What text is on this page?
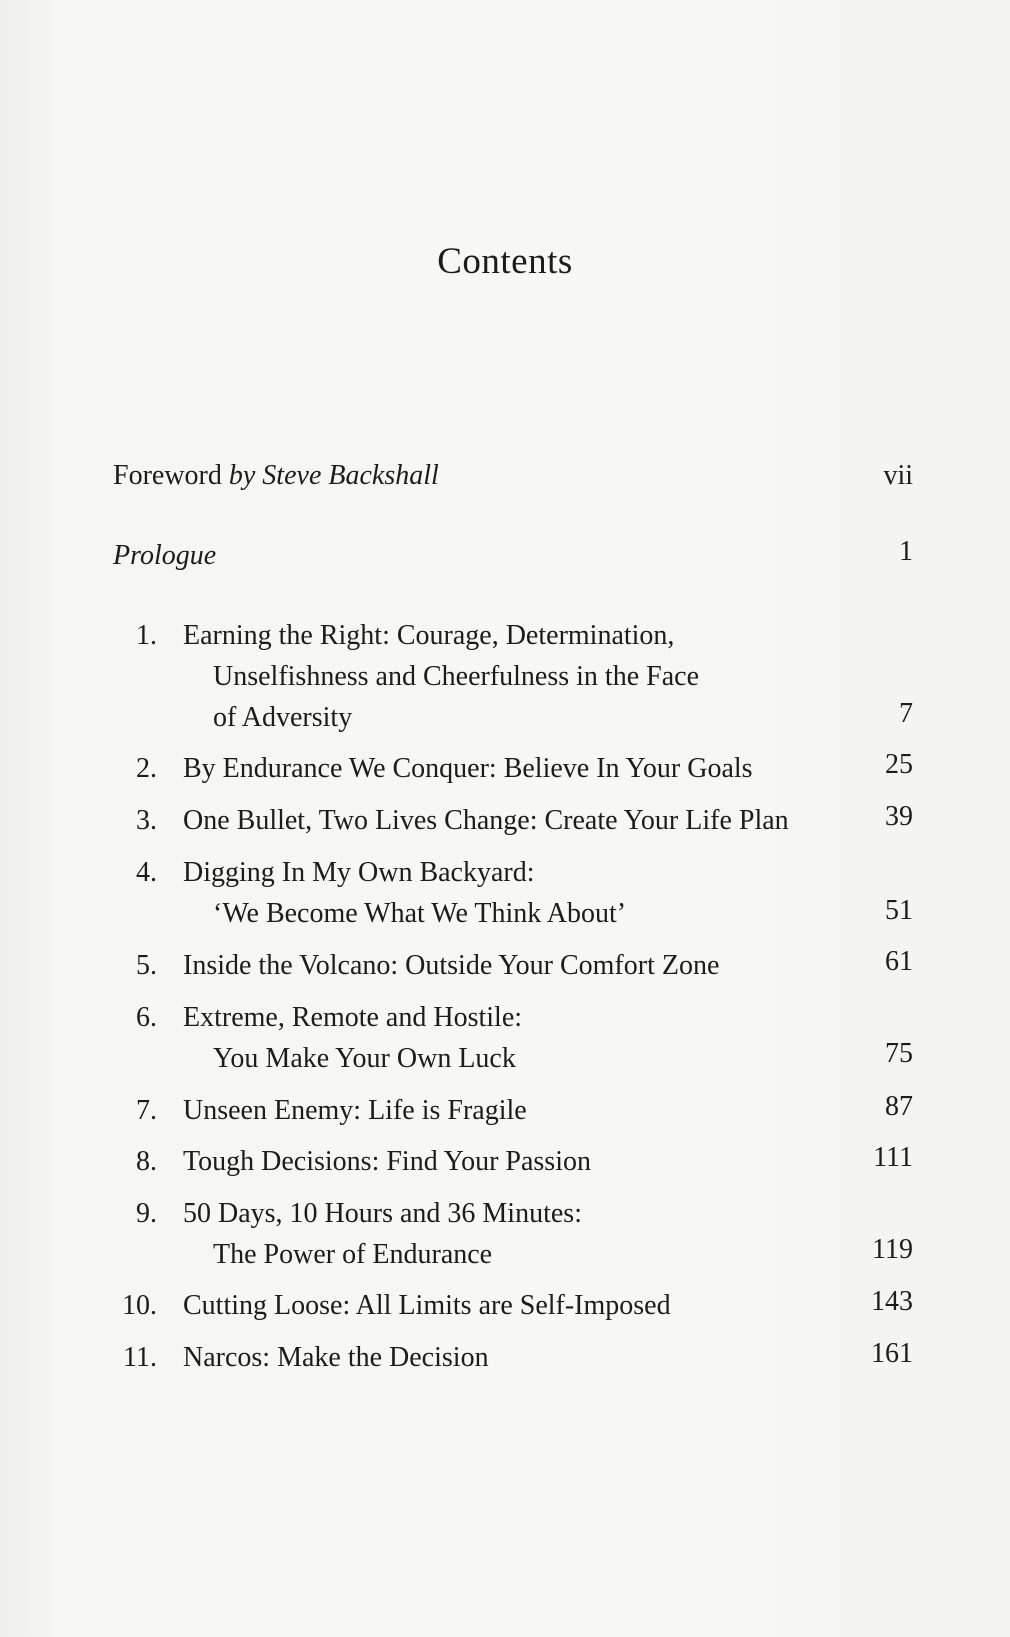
Contents
Foreword by Steve Backshall	vii
Prologue	1
1. Earning the Right: Courage, Determination,
Unselfishness and Cheerfulness in the Face
of Adversity	7
2. By Endurance We Conquer: Believe In Your Goals	25
3. One Bullet, Two Lives Change: Create Your Life Plan	39
4. Digging In My Own Backyard:
‘We Become What We Think About’	51
5. Inside the Volcano: Outside Your Comfort Zone	61
6. Extreme, Remote and Hostile:
You Make Your Own Luck	75
7. Unseen Enemy: Life is Fragile	87
8. Tough Decisions: Find Your Passion	111
9. 50 Days, 10 Hours and 36 Minutes:
The Power of Endurance	119
10. Cutting Loose: All Limits are Self-Imposed	143
11. Narcos: Make the Decision	161
